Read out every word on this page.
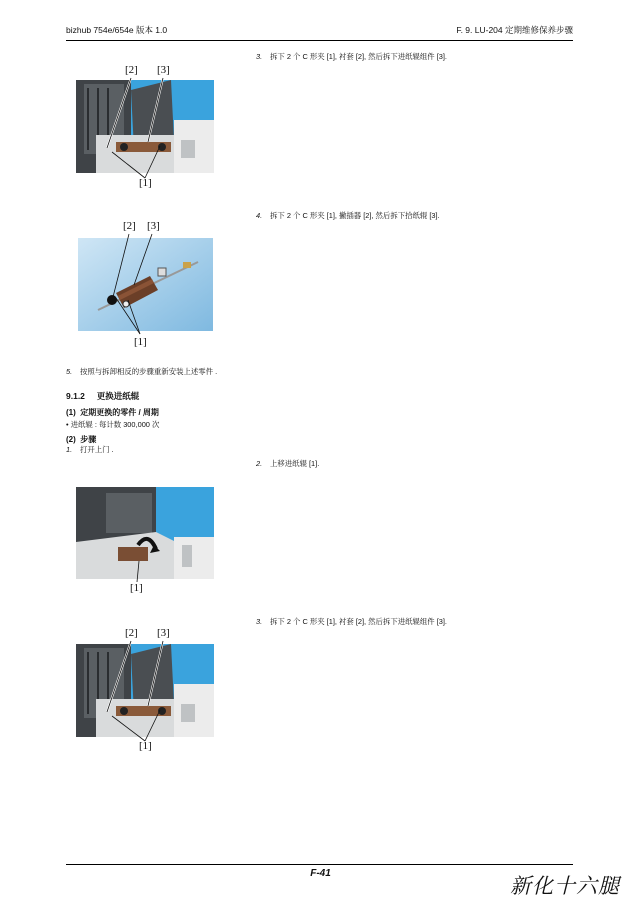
bizhub 754e/654e 版本 1.0	F. 9. LU-204 定期维修保养步骤
3. 拆下 2 个 C 形夹 [1], 衬套 [2], 然后拆下进纸辊组件 [3].
[2] [3]
[1]
4. 拆下 2 个 C 形夹 [1], 撇插器 [2], 然后拆下拾纸辊 [3].
[2] [3]
[1]
5. 按照与拆卸相反的步骤重新安装上述零件 .
9.1.2 更换进纸辊
(1) 定期更换的零件 / 周期
• 进纸辊 : 每计数 300,000 次
(2) 步骤
1. 打开上门 .
2. 上移进纸辊 [1].
[1]
3. 拆下 2 个 C 形夹 [1], 衬套 [2], 然后拆下进纸辊组件 [3].
[2] [3]
[1]
F-41
新化十六腿
